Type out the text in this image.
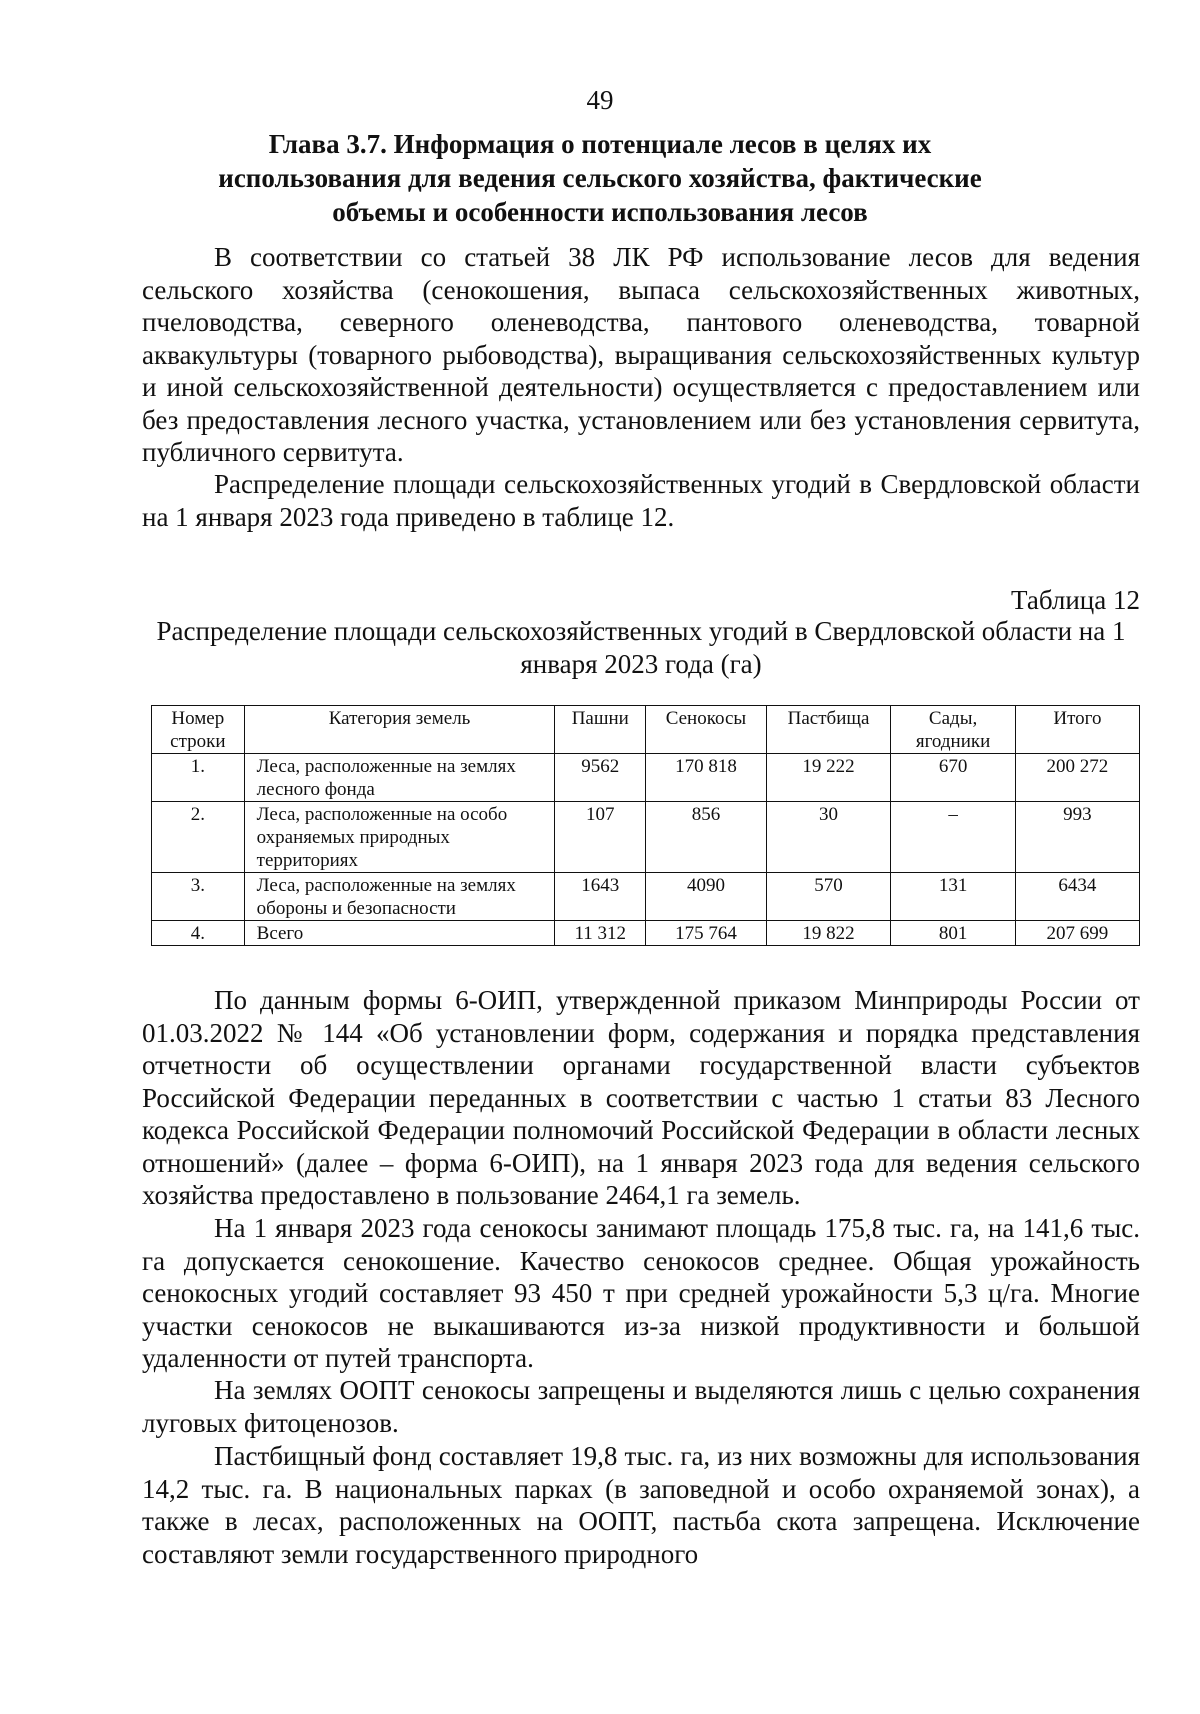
49
Глава 3.7. Информация о потенциале лесов в целях их использования для ведения сельского хозяйства, фактические объемы и особенности использования лесов

В соответствии со статьей 38 ЛК РФ использование лесов для ведения сельского хозяйства (сенокошения, выпаса сельскохозяйственных животных, пчеловодства, северного оленеводства, пантового оленеводства, товарной аквакультуры (товарного рыбоводства), выращивания сельскохозяйственных культур и иной сельскохозяйственной деятельности) осуществляется с предоставлением или без предоставления лесного участка, установлением или без установления сервитута, публичного сервитута.

Распределение площади сельскохозяйственных угодий в Свердловской области на 1 января 2023 года приведено в таблице 12.

Таблица 12
Распределение площади сельскохозяйственных угодий в Свердловской области на 1 января 2023 года (га)
Номер строки	Категория земель	Пашни	Сенокосы	Пастбища	Сады, ягодники	Итого
1.	Леса, расположенные на землях лесного фонда	9562	170 818	19 222	670	200 272
2.	Леса, расположенные на особо охраняемых природных территориях	107	856	30	–	993
3.	Леса, расположенные на землях обороны и безопасности	1643	4090	570	131	6434
4.	Всего	11 312	175 764	19 822	801	207 699

По данным формы 6-ОИП, утвержденной приказом Минприроды России от 01.03.2022 № 144 «Об установлении форм, содержания и порядка представления отчетности об осуществлении органами государственной власти субъектов Российской Федерации переданных в соответствии с частью 1 статьи 83 Лесного кодекса Российской Федерации полномочий Российской Федерации в области лесных отношений» (далее – форма 6-ОИП), на 1 января 2023 года для ведения сельского хозяйства предоставлено в пользование 2464,1 га земель.

На 1 января 2023 года сенокосы занимают площадь 175,8 тыс. га, на 141,6 тыс. га допускается сенокошение. Качество сенокосов среднее. Общая урожайность сенокосных угодий составляет 93 450 т при средней урожайности 5,3 ц/га. Многие участки сенокосов не выкашиваются из-за низкой продуктивности и большой удаленности от путей транспорта.

На землях ООПТ сенокосы запрещены и выделяются лишь с целью сохранения луговых фитоценозов.

Пастбищный фонд составляет 19,8 тыс. га, из них возможны для использования 14,2 тыс. га. В национальных парках (в заповедной и особо охраняемой зонах), а также в лесах, расположенных на ООПТ, пастьба скота запрещена. Исключение составляют земли государственного природного
